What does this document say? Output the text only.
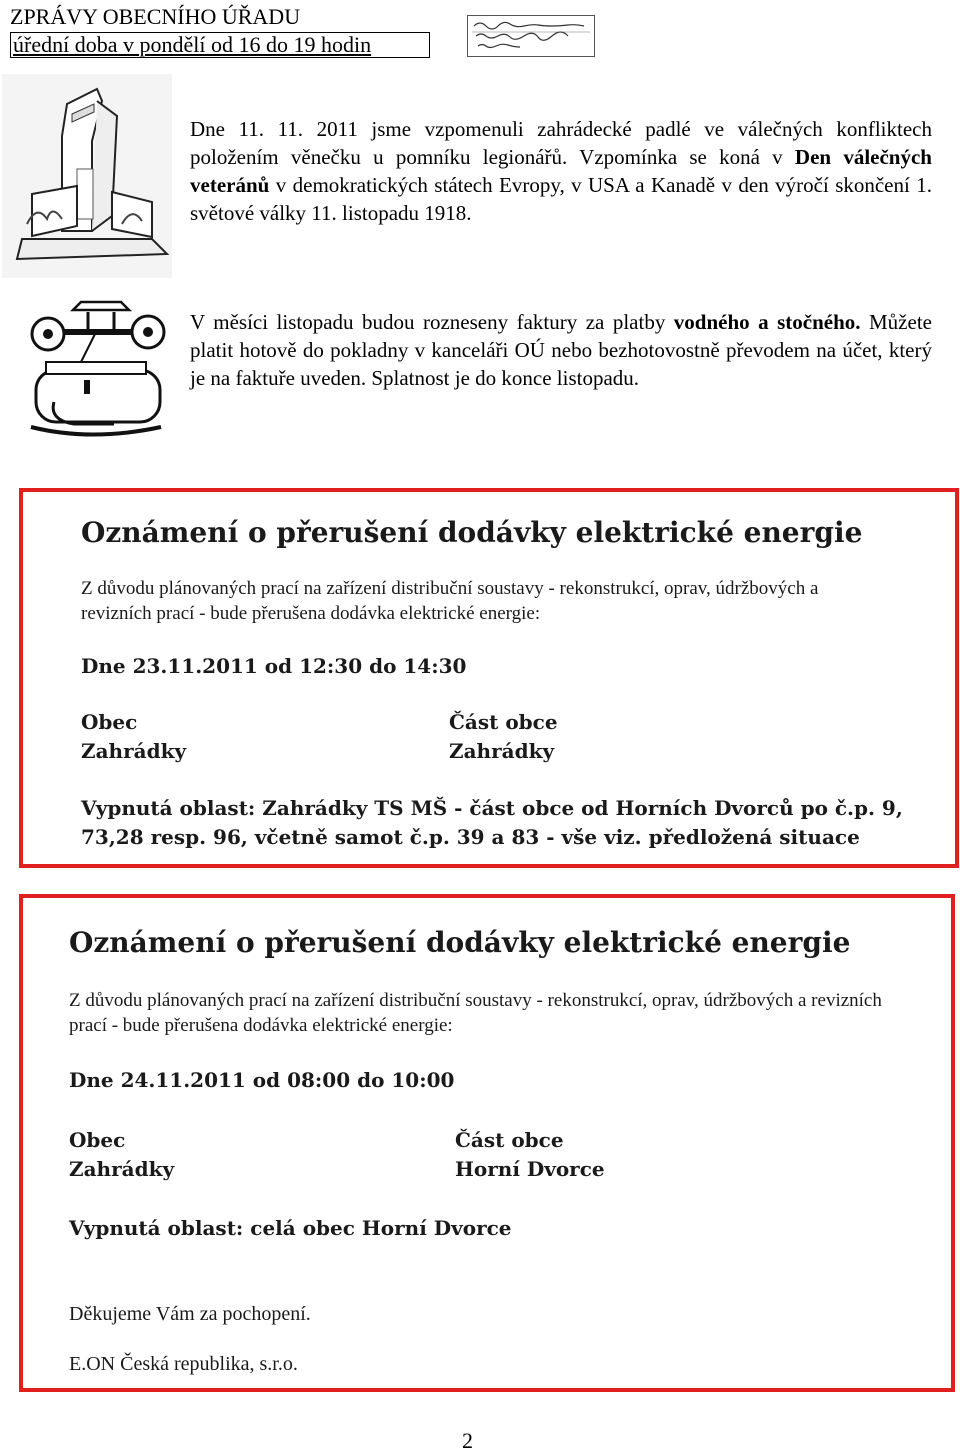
ZPRÁVY OBECNÍHO ÚŘADU
úřední doba v pondělí od 16 do 19 hodin
Dne 11. 11. 2011 jsme vzpomenuli zahrádecké padlé ve válečných konfliktech položením věnečku u pomníku legionářů. Vzpomínka se koná v Den válečných veteránů v demokratických státech Evropy, v USA a Kanadě v den výročí skončení 1. světové války 11. listopadu 1918.
V měsíci listopadu budou rozneseny faktury za platby vodného a stočného. Můžete platit hotově do pokladny v kanceláři OÚ nebo bezhotovostně převodem na účet, který je na faktuře uveden. Splatnost je do konce listopadu.
Oznámení o přerušení dodávky elektrické energie
Z důvodu plánovaných prací na zařízení distribuční soustavy - rekonstrukcí, oprav, údržbových a revizních prací - bude přerušena dodávka elektrické energie:
Dne 23.11.2011 od 12:30 do 14:30
Obec
Zahrádky
Část obce
Zahrádky
Vypnutá oblast: Zahrádky TS MŠ - část obce od Horních Dvorců po č.p. 9, 73,28 resp. 96, včetně samot č.p. 39 a 83 - vše viz. předložená situace
Oznámení o přerušení dodávky elektrické energie
Z důvodu plánovaných prací na zařízení distribuční soustavy - rekonstrukcí, oprav, údržbových a revizních prací - bude přerušena dodávka elektrické energie:
Dne 24.11.2011 od 08:00 do 10:00
Obec
Zahrádky
Část obce
Horní Dvorce
Vypnutá oblast: celá obec Horní Dvorce
Děkujeme Vám za pochopení.
E.ON Česká republika, s.r.o.
2
